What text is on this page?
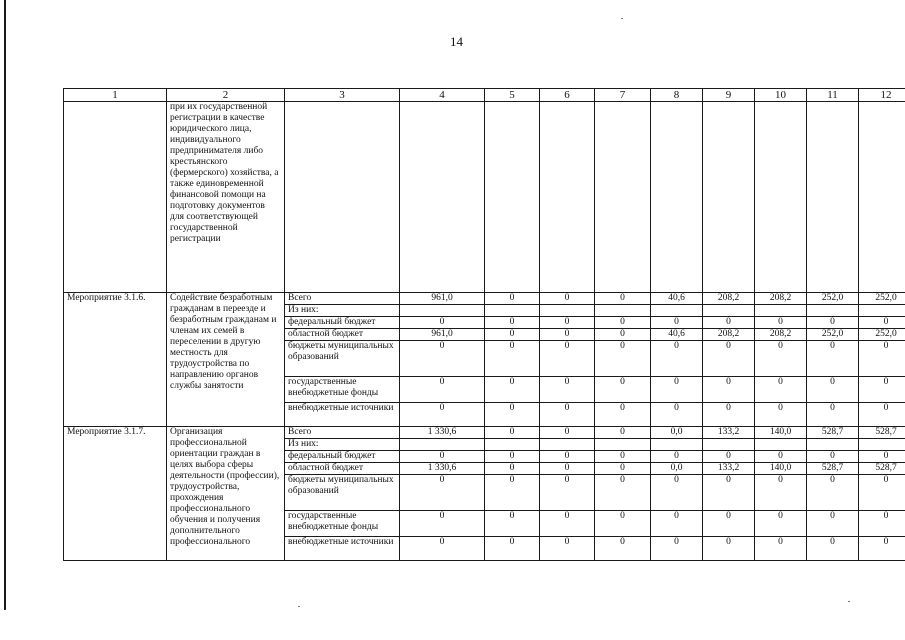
14
1	2	3	4	5	6	7	8	9	10	11	12
	при их государственной регистрации в качестве юридического лица, индивидуального предпринимателя либо крестьянского (фермерского) хозяйства, а также единовременной финансовой помощи на подготовку документов для соответствующей государственной регистрации										
Мероприятие 3.1.6.	Содействие безработным гражданам в переезде и безработным гражданам и членам их семей в переселении в другую местность для трудоустройства по направлению органов службы занятости	Всего	961,0	0	0	0	40,6	208,2	208,2	252,0	252,0
		Из них:									
		федеральный бюджет	0	0	0	0	0	0	0	0	0
		областной бюджет	961,0	0	0	0	40,6	208,2	208,2	252,0	252,0
		бюджеты муниципальных образований	0	0	0	0	0	0	0	0	0
		государственные внебюджетные фонды	0	0	0	0	0	0	0	0	0
		внебюджетные источники	0	0	0	0	0	0	0	0	0
Мероприятие 3.1.7.	Организация профессиональной ориентации граждан в целях выбора сферы деятельности (профессии), трудоустройства, прохождения профессионального обучения и получения дополнительного профессионального	Всего	1 330,6	0	0	0	0,0	133,2	140,0	528,7	528,7
		Из них:									
		федеральный бюджет	0	0	0	0	0	0	0	0	0
		областной бюджет	1 330,6	0	0	0	0,0	133,2	140,0	528,7	528,7
		бюджеты муниципальных образований	0	0	0	0	0	0	0	0	0
		государственные внебюджетные фонды	0	0	0	0	0	0	0	0	0
		внебюджетные источники	0	0	0	0	0	0	0	0	0
